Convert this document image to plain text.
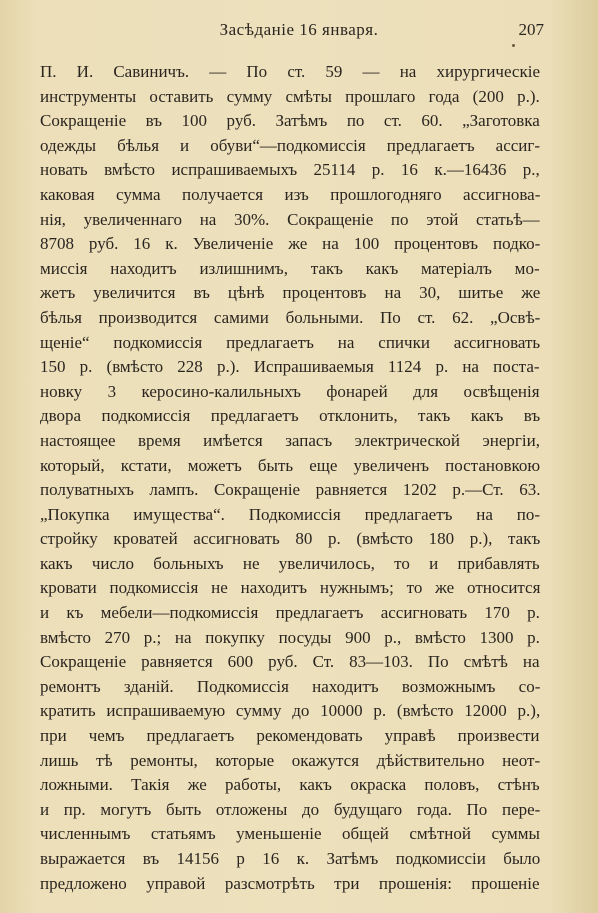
Засѣданіе 16 января.	207
П. И. Савиничъ. — По ст. 59 — на хирургическіе
инструменты оставить сумму смѣты прошлаго года (200 р.).
Сокращеніе въ 100 руб. Затѣмъ по ст. 60. „Заготовка
одежды бѣлья и обуви“—подкомиссія предлагаетъ ассиг-
новать вмѣсто испрашиваемыхъ 25114 р. 16 к.—16436 р.,
каковая сумма получается изъ прошлогодняго ассигнова-
нія, увеличеннаго на 30%. Сокращеніе по этой статьѣ—
8708 руб. 16 к. Увеличеніе же на 100 процентовъ подко-
миссія находитъ излишнимъ, такъ какъ матеріалъ мо-
жетъ увеличится въ цѣнѣ процентовъ на 30, шитье же
бѣлья производится самими больными. По ст. 62. „Освѣ-
щеніе“ подкомиссія предлагаетъ на спички ассигновать
150 р. (вмѣсто 228 р.). Испрашиваемыя 1124 р. на поста-
новку 3 керосино-калильныхъ фонарей для освѣщенія
двора подкомиссія предлагаетъ отклонить, такъ какъ въ
настоящее время имѣется запасъ электрической энергіи,
который, кстати, можетъ быть еще увеличенъ постановкою
полуватныхъ лампъ. Сокращеніе равняется 1202 р.—Ст. 63.
„Покупка имущества“. Подкомиссія предлагаетъ на по-
стройку кроватей ассигновать 80 р. (вмѣсто 180 р.), такъ
какъ число больныхъ не увеличилось, то и прибавлять
кровати подкомиссія не находитъ нужнымъ; то же относится
и къ мебели—подкомиссія предлагаетъ ассигновать 170 р.
вмѣсто 270 р.; на покупку посуды 900 р., вмѣсто 1300 р.
Сокращеніе равняется 600 руб. Ст. 83—103. По смѣтѣ на
ремонтъ зданій. Подкомиссія находитъ возможнымъ со-
кратить испрашиваемую сумму до 10000 р. (вмѣсто 12000 р.),
при чемъ предлагаетъ рекомендовать управѣ произвести
лишь тѣ ремонты, которые окажутся дѣйствительно неот-
ложными. Такія же работы, какъ окраска половъ, стѣнъ
и пр. могутъ быть отложены до будущаго года. По пере-
численнымъ статьямъ уменьшеніе общей смѣтной суммы
выражается въ 14156 р 16 к. Затѣмъ подкомиссіи было
предложено управой разсмотрѣть три прошенія: прошеніе
